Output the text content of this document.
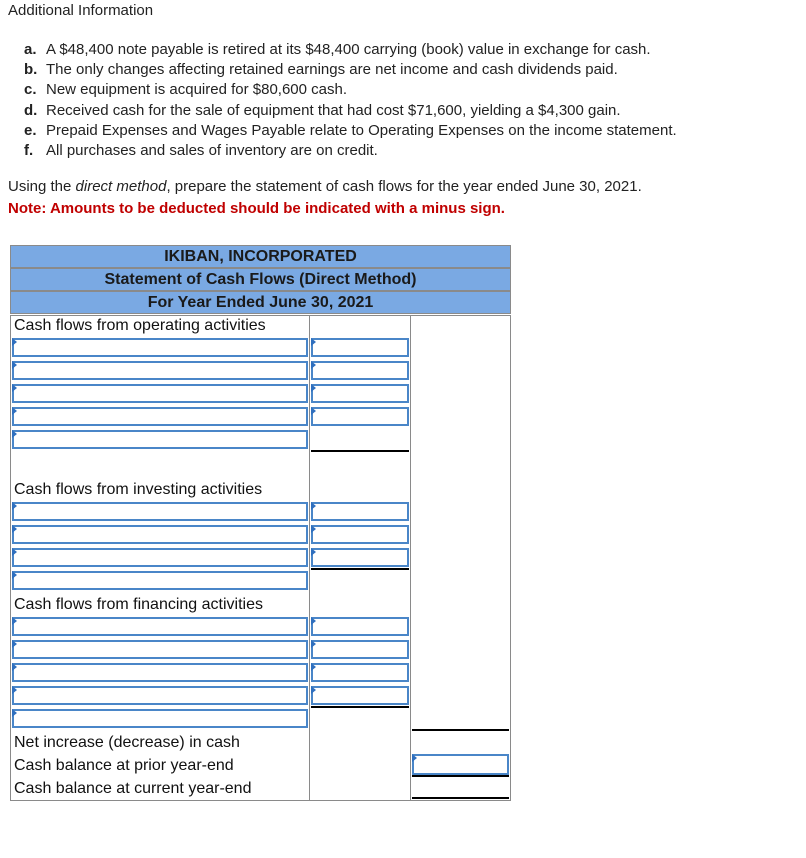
Additional Information
a. A $48,400 note payable is retired at its $48,400 carrying (book) value in exchange for cash.
b. The only changes affecting retained earnings are net income and cash dividends paid.
c. New equipment is acquired for $80,600 cash.
d. Received cash for the sale of equipment that had cost $71,600, yielding a $4,300 gain.
e. Prepaid Expenses and Wages Payable relate to Operating Expenses on the income statement.
f. All purchases and sales of inventory are on credit.
Using the direct method, prepare the statement of cash flows for the year ended June 30, 2021.
Note: Amounts to be deducted should be indicated with a minus sign.
IKIBAN, INCORPORATED
Statement of Cash Flows (Direct Method)
For Year Ended June 30, 2021
Cash flows from operating activities
Cash flows from investing activities
Cash flows from financing activities
Net increase (decrease) in cash
Cash balance at prior year-end
Cash balance at current year-end
